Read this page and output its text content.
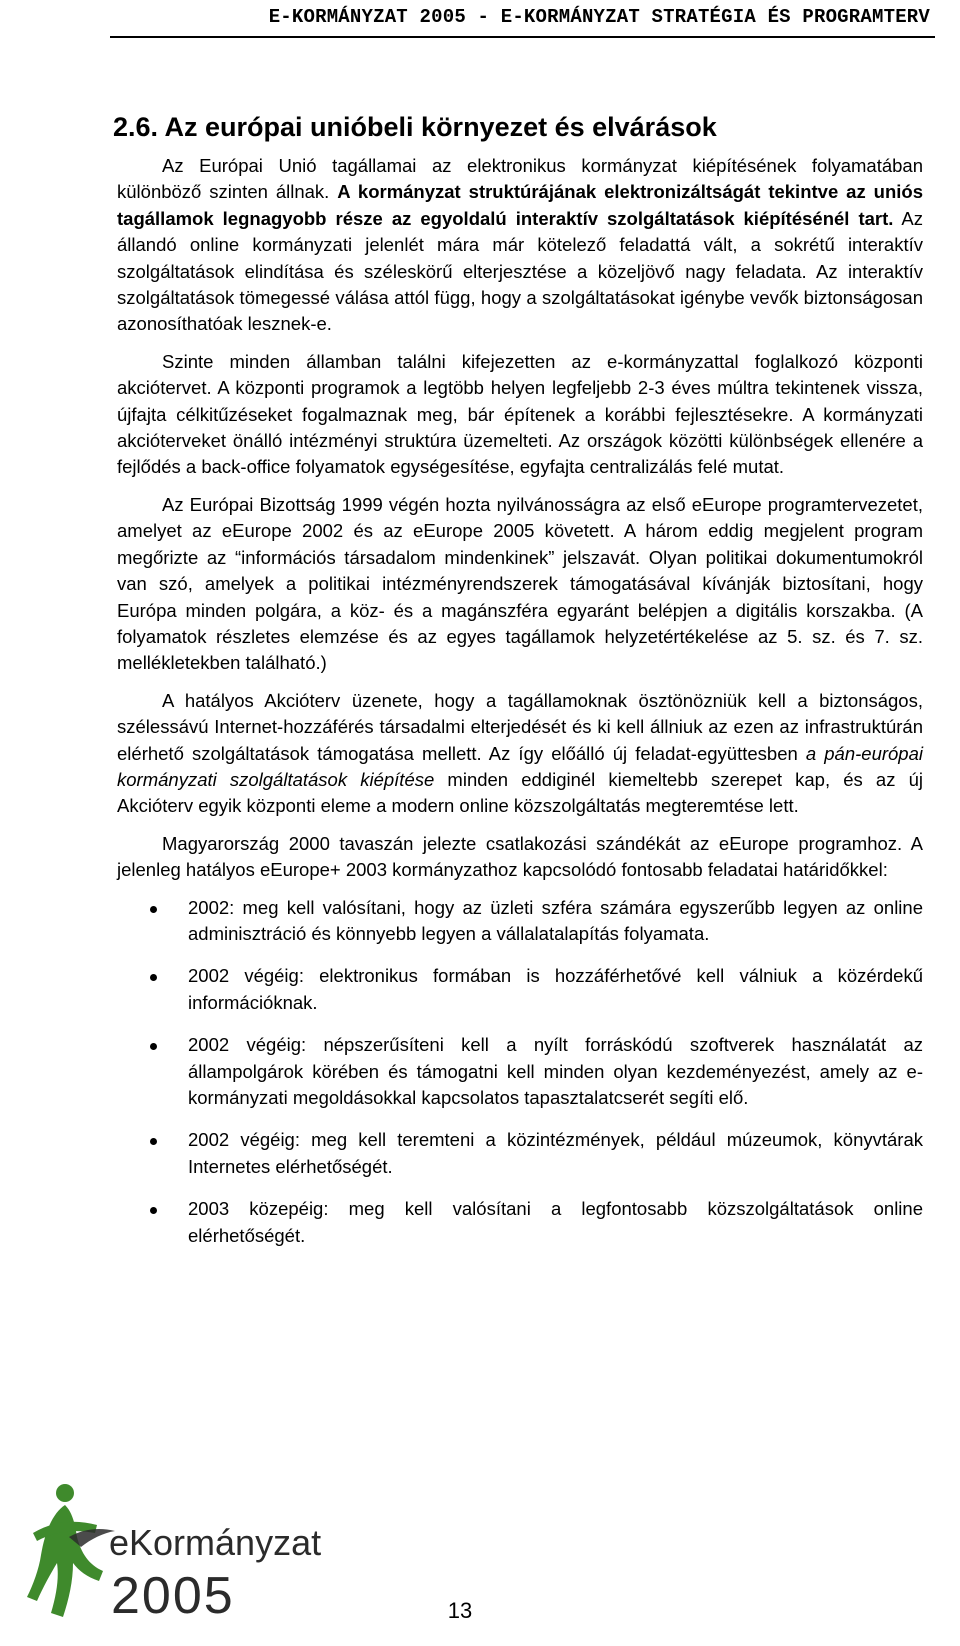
E-KORMÁNYZAT 2005 - E-KORMÁNYZAT STRATÉGIA ÉS PROGRAMTERV
2.6. Az európai unióbeli környezet és elvárások

Az Európai Unió tagállamai az elektronikus kormányzat kiépítésének folyamatában különböző szinten állnak. A kormányzat struktúrájának elektronizáltságát tekintve az uniós tagállamok legnagyobb része az egyoldalú interaktív szolgáltatások kiépítésénél tart. Az állandó online kormányzati jelenlét mára már kötelező feladattá vált, a sokrétű interaktív szolgáltatások elindítása és széleskörű elterjesztése a közeljövő nagy feladata. Az interaktív szolgáltatások tömegessé válása attól függ, hogy a szolgáltatásokat igénybe vevők biztonságosan azonosíthatóak lesznek-e.

Szinte minden államban találni kifejezetten az e-kormányzattal foglalkozó központi akciótervet. A központi programok a legtöbb helyen legfeljebb 2-3 éves múltra tekintenek vissza, újfajta célkitűzéseket fogalmaznak meg, bár építenek a korábbi fejlesztésekre. A kormányzati akcióterveket önálló intézményi struktúra üzemelteti. Az országok közötti különbségek ellenére a fejlődés a back-office folyamatok egységesítése, egyfajta centralizálás felé mutat.

Az Európai Bizottság 1999 végén hozta nyilvánosságra az első eEurope programtervezetet, amelyet az eEurope 2002 és az eEurope 2005 követett. A három eddig megjelent program megőrizte az “információs társadalom mindenkinek” jelszavát. Olyan politikai dokumentumokról van szó, amelyek a politikai intézményrendszerek támogatásával kívánják biztosítani, hogy Európa minden polgára, a köz- és a magánszféra egyaránt belépjen a digitális korszakba. (A folyamatok részletes elemzése és az egyes tagállamok helyzetértékelése az 5. sz. és 7. sz. mellékletekben található.)

A hatályos Akcióterv üzenete, hogy a tagállamoknak ösztönözniük kell a biztonságos, szélessávú Internet-hozzáférés társadalmi elterjedését és ki kell állniuk az ezen az infrastruktúrán elérhető szolgáltatások támogatása mellett. Az így előálló új feladat-együttesben a pán-európai kormányzati szolgáltatások kiépítése minden eddiginél kiemeltebb szerepet kap, és az új Akcióterv egyik központi eleme a modern online közszolgáltatás megteremtése lett.

Magyarország 2000 tavaszán jelezte csatlakozási szándékát az eEurope programhoz. A jelenleg hatályos eEurope+ 2003 kormányzathoz kapcsolódó fontosabb feladatai határidőkkel:

2002: meg kell valósítani, hogy az üzleti szféra számára egyszerűbb legyen az online adminisztráció és könnyebb legyen a vállalatalapítás folyamata.
2002 végéig: elektronikus formában is hozzáférhetővé kell válniuk a közérdekű információknak.
2002 végéig: népszerűsíteni kell a nyílt forráskódú szoftverek használatát az állampolgárok körében és támogatni kell minden olyan kezdeményezést, amely az e-kormányzati megoldásokkal kapcsolatos tapasztalatcserét segíti elő.
2002 végéig: meg kell teremteni a közintézmények, például múzeumok, könyvtárak Internetes elérhetőségét.
2003 közepéig: meg kell valósítani a legfontosabb közszolgáltatások online elérhetőségét.
eKormányzat
2005	13
